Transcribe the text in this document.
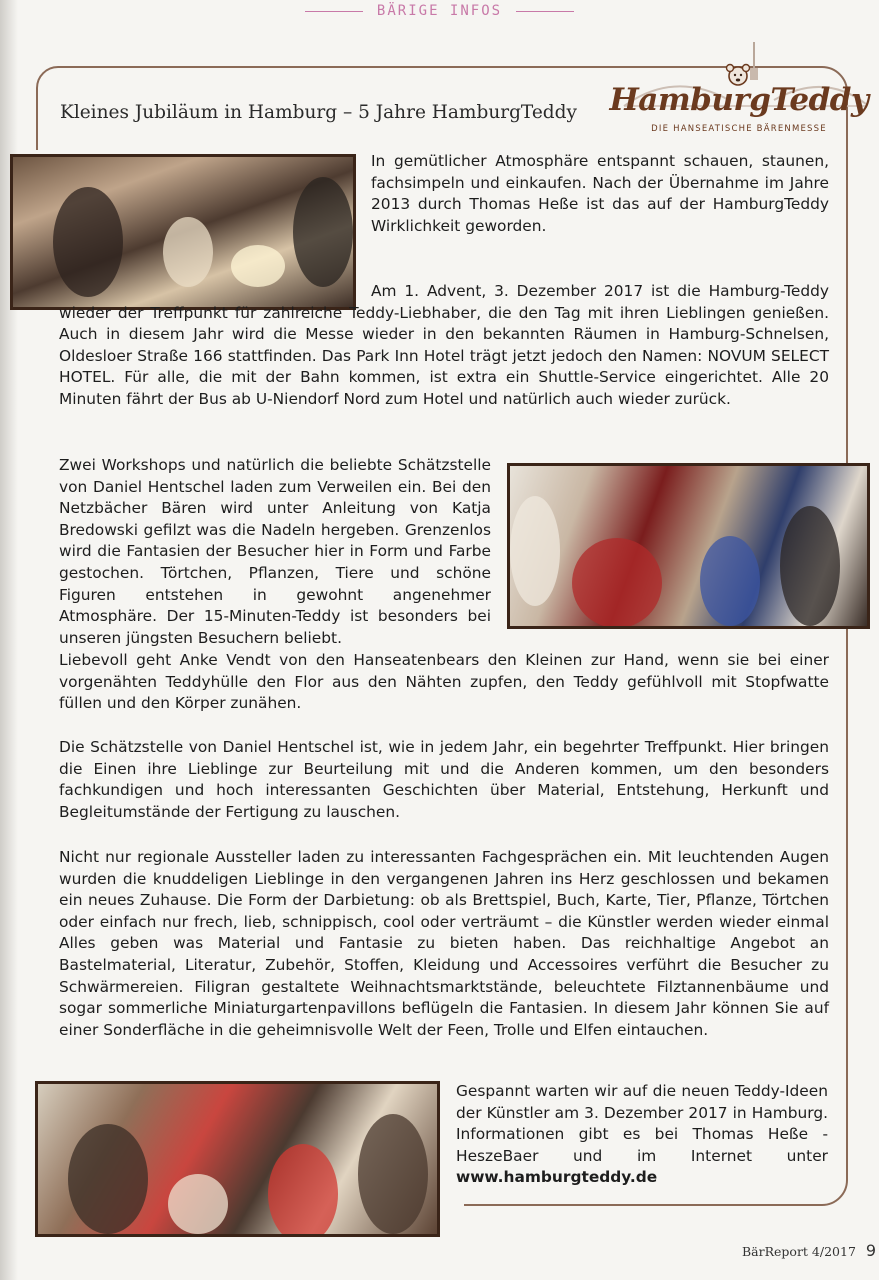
BÄRIGE INFOS
Kleines Jubiläum in Hamburg – 5 Jahre HamburgTeddy	HamburgTeddy
DIE HANSEATISCHE BÄRENMESSE

In gemütlicher Atmosphäre entspannt schauen, staunen, fachsimpeln und einkaufen. Nach der Übernahme im Jahre 2013 durch Thomas Heße ist das auf der HamburgTeddy Wirklichkeit geworden.

Am 1. Advent, 3. Dezember 2017 ist die Hamburg-Teddy wieder der Treffpunkt für zahlreiche Teddy-Liebhaber, die den Tag mit ihren Lieblingen genießen. Auch in diesem Jahr wird die Messe wieder in den bekannten Räumen in Hamburg-Schnelsen, Oldesloer Straße 166 stattfinden. Das Park Inn Hotel trägt jetzt jedoch den Namen: NOVUM SELECT HOTEL. Für alle, die mit der Bahn kommen, ist extra ein Shuttle-Service eingerichtet. Alle 20 Minuten fährt der Bus ab U-Niendorf Nord zum Hotel und natürlich auch wieder zurück.

Zwei Workshops und natürlich die beliebte Schätzstelle von Daniel Hentschel laden zum Verweilen ein. Bei den Netzbächer Bären wird unter Anleitung von Katja Bredowski gefilzt was die Nadeln hergeben. Grenzenlos wird die Fantasien der Besucher hier in Form und Farbe gestochen. Törtchen, Pflanzen, Tiere und schöne Figuren entstehen in gewohnt angenehmer Atmosphäre. Der 15-Minuten-Teddy ist besonders bei unseren jüngsten Besuchern beliebt.

Liebevoll geht Anke Vendt von den Hanseatenbears den Kleinen zur Hand, wenn sie bei einer vorgenähten Teddyhülle den Flor aus den Nähten zupfen, den Teddy gefühlvoll mit Stopfwatte füllen und den Körper zunähen.

Die Schätzstelle von Daniel Hentschel ist, wie in jedem Jahr, ein begehrter Treffpunkt. Hier bringen die Einen ihre Lieblinge zur Beurteilung mit und die Anderen kommen, um den besonders fachkundigen und hoch interessanten Geschichten über Material, Entstehung, Herkunft und Begleitumstände der Fertigung zu lauschen.

Nicht nur regionale Aussteller laden zu interessanten Fachgesprächen ein. Mit leuchtenden Augen wurden die knuddeligen Lieblinge in den vergangenen Jahren ins Herz geschlossen und bekamen ein neues Zuhause. Die Form der Darbietung: ob als Brettspiel, Buch, Karte, Tier, Pflanze, Törtchen oder einfach nur frech, lieb, schnippisch, cool oder verträumt – die Künstler werden wieder einmal Alles geben was Material und Fantasie zu bieten haben. Das reichhaltige Angebot an Bastelmaterial, Literatur, Zubehör, Stoffen, Kleidung und Accessoires verführt die Besucher zu Schwärmereien. Filigran gestaltete Weihnachtsmarktstände, beleuchtete Filztannenbäume und sogar sommerliche Miniaturgartenpavillons beflügeln die Fantasien. In diesem Jahr können Sie auf einer Sonderfläche in die geheimnisvolle Welt der Feen, Trolle und Elfen eintauchen.

Gespannt warten wir auf die neuen Teddy-Ideen der Künstler am 3. Dezember 2017 in Hamburg. Informationen gibt es bei Thomas Heße - HeszeBaer und im Internet unter www.hamburgteddy.de

BärReport 4/2017 9
